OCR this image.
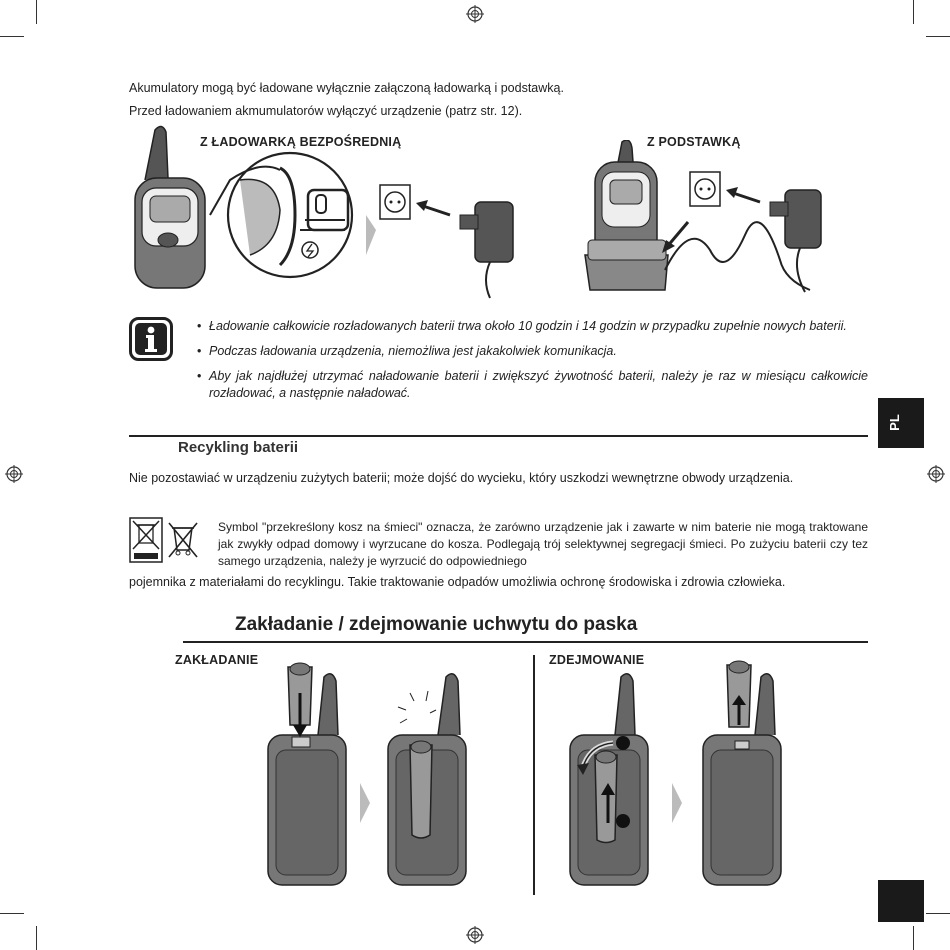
Akumulatory mogą być ładowane wyłącznie załączoną ładowarką i podstawką.

Przed ładowaniem akmumulatorów wyłączyć urządzenie (patrz str. 12).

Z ŁADOWARKĄ BEZPOŚREDNIĄ	Z PODSTAWKĄ
• Ładowanie całkowicie rozładowanych baterii trwa około 10 godzin i 14 godzin w przypadku zupełnie nowych baterii.
• Podczas ładowania urządzenia, niemożliwa jest jakakolwiek komunikacja.
• Aby jak najdłużej utrzymać naładowanie baterii i zwiększyć żywotność baterii, należy je raz w miesiącu całkowicie rozładować, a następnie naładować.
PL
Recykling baterii

Nie pozostawiać w urządzeniu zużytych baterii; może dojść do wycieku, który uszkodzi wewnętrzne obwody urządzenia.

Symbol "przekreślony kosz na śmieci" oznacza, że zarówno urządzenie jak i zawarte w nim baterie nie mogą traktowane jak zwykły odpad domowy i wyrzucane do kosza. Podlegają trój selektywnej segregacji śmieci. Po zużyciu baterii czy tez samego urządzenia, należy je wyrzucić do odpowiedniego

pojemnika z materiałami do recyklingu. Takie traktowanie odpadów umożliwia ochronę środowiska i zdrowia człowieka.

Zakładanie / zdejmowanie uchwytu do paska
ZAKŁADANIE	ZDEJMOWANIE
